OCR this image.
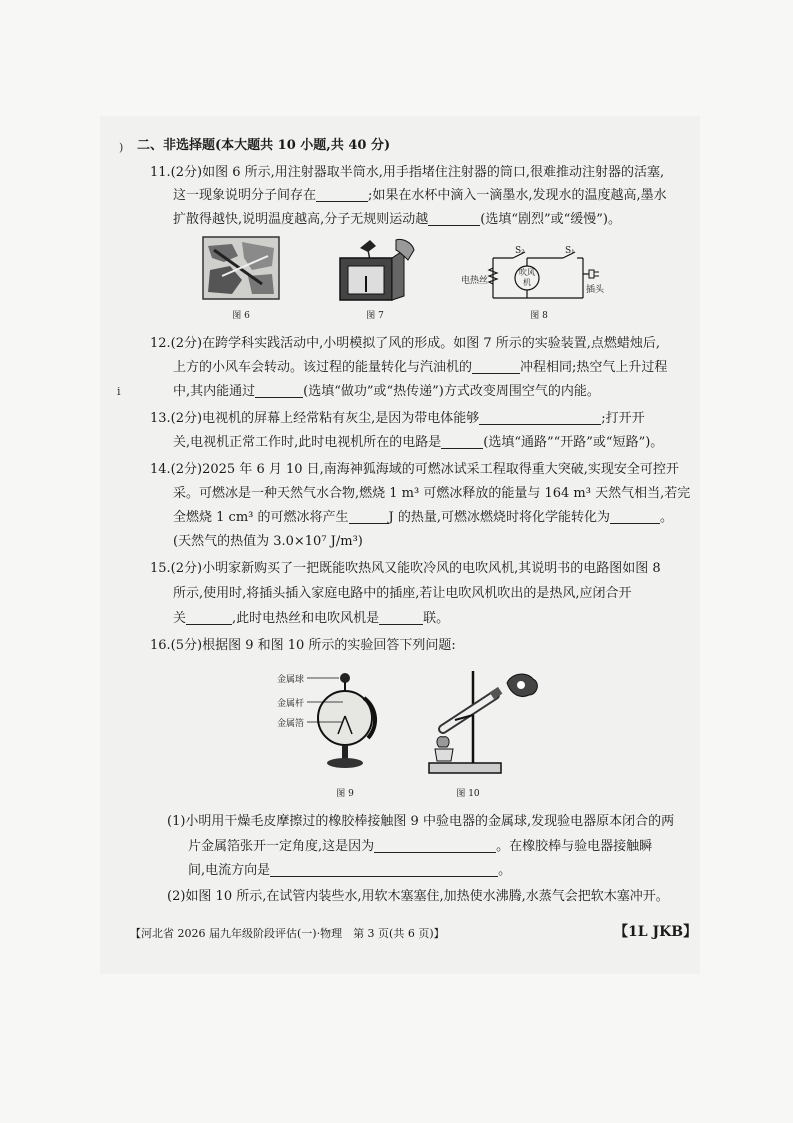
)
i
二、非选择题(本大题共 10 小题,共 40 分)
11.(2分)如图 6 所示,用注射器取半筒水,用手指堵住注射器的筒口,很难推动注射器的活塞,
这一现象说明分子间存在	;如果在水杯中滴入一滴墨水,发现水的温度越高,墨水
扩散得越快,说明温度越高,分子无规则运动越	(选填“剧烈”或“缓慢”)。
图 6	图 7
S₂	S₁
电热丝
吹风
机
插头
图 8
12.(2分)在跨学科实践活动中,小明模拟了风的形成。如图 7 所示的实验装置,点燃蜡烛后,
上方的小风车会转动。该过程的能量转化与汽油机的	冲程相同;热空气上升过程
中,其内能通过	(选填“做功”或“热传递”)方式改变周围空气的内能。
13.(2分)电视机的屏幕上经常粘有灰尘,是因为带电体能够	;打开开
关,电视机正常工作时,此时电视机所在的电路是	(选填“通路”“开路”或“短路”)。
14.(2分)2025 年 6 月 10 日,南海神狐海域的可燃冰试采工程取得重大突破,实现安全可控开
采。可燃冰是一种天然气水合物,燃烧 1 m³ 可燃冰释放的能量与 164 m³ 天然气相当,若完
全燃烧 1 cm³ 的可燃冰将产生	J 的热量,可燃冰燃烧时将化学能转化为	。
(天然气的热值为 3.0×10⁷ J/m³)
15.(2分)小明家新购买了一把既能吹热风又能吹冷风的电吹风机,其说明书的电路图如图 8
所示,使用时,将插头插入家庭电路中的插座,若让电吹风机吹出的是热风,应闭合开
关	,此时电热丝和电吹风机是	联。
16.(5分)根据图 9 和图 10 所示的实验回答下列问题:
金属球
金属杆
金属箔
图 9	图 10
(1)小明用干燥毛皮摩擦过的橡胶棒接触图 9 中验电器的金属球,发现验电器原本闭合的两
片金属箔张开一定角度,这是因为	。在橡胶棒与验电器接触瞬
间,电流方向是	。
(2)如图 10 所示,在试管内装些水,用软木塞塞住,加热使水沸腾,水蒸气会把软木塞冲开。
【河北省 2026 届九年级阶段评估(一)·物理　第 3 页(共 6 页)】	【1L JKB】
